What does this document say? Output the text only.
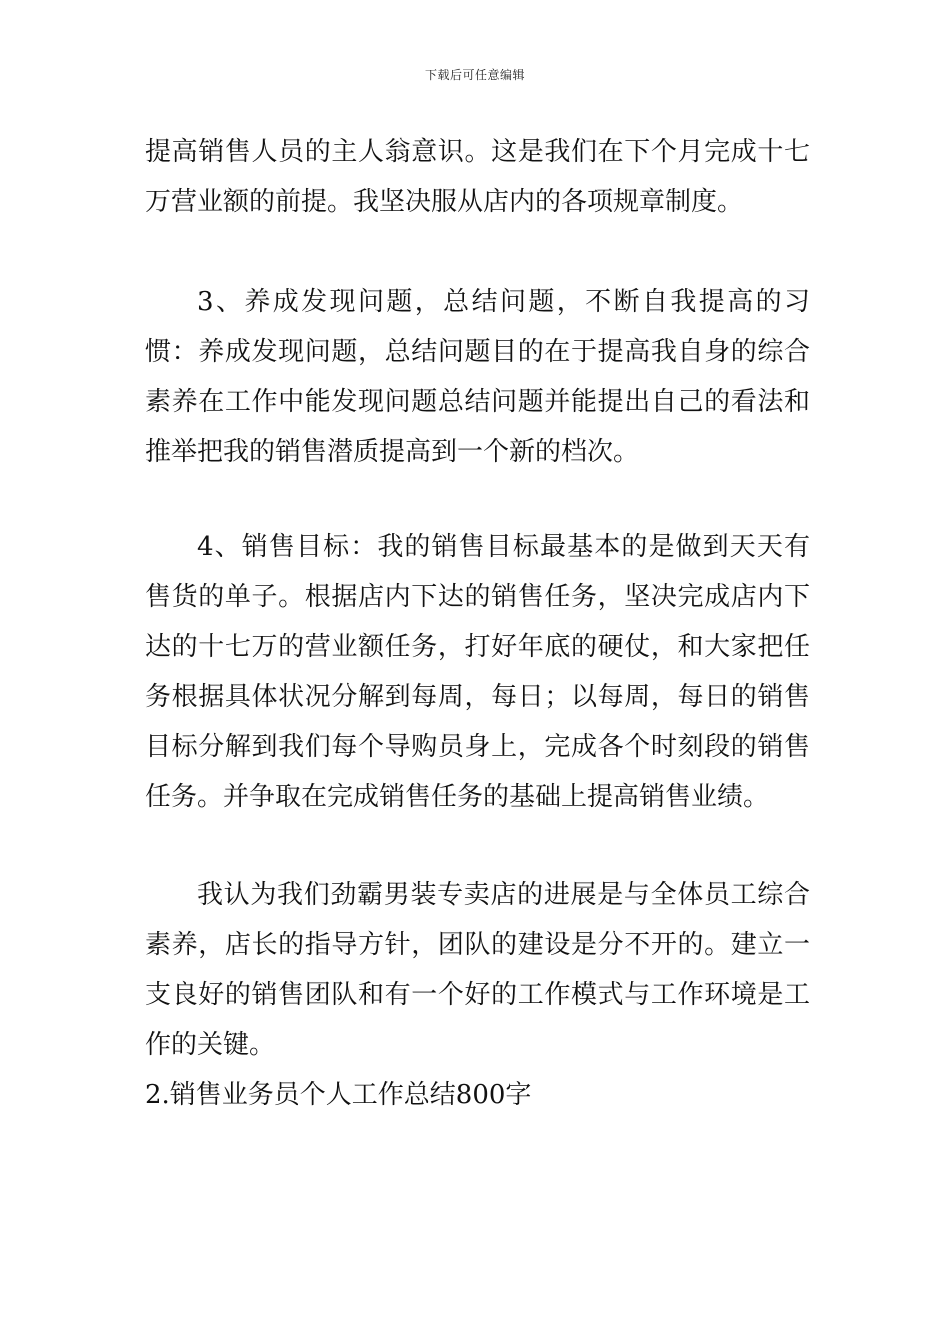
下载后可任意编辑

提高销售人员的主人翁意识。这是我们在下个月完成十七万营业额的前提。我坚决服从店内的各项规章制度。

3、养成发现问题，总结问题，不断自我提高的习惯：养成发现问题，总结问题目的在于提高我自身的综合素养在工作中能发现问题总结问题并能提出自己的看法和推举把我的销售潜质提高到一个新的档次。

4、销售目标：我的销售目标最基本的是做到天天有售货的单子。根据店内下达的销售任务，坚决完成店内下达的十七万的营业额任务，打好年底的硬仗，和大家把任务根据具体状况分解到每周，每日；以每周，每日的销售目标分解到我们每个导购员身上，完成各个时刻段的销售任务。并争取在完成销售任务的基础上提高销售业绩。

我认为我们劲霸男装专卖店的进展是与全体员工综合素养，店长的指导方针，团队的建设是分不开的。建立一支良好的销售团队和有一个好的工作模式与工作环境是工作的关键。

2.销售业务员个人工作总结800字
